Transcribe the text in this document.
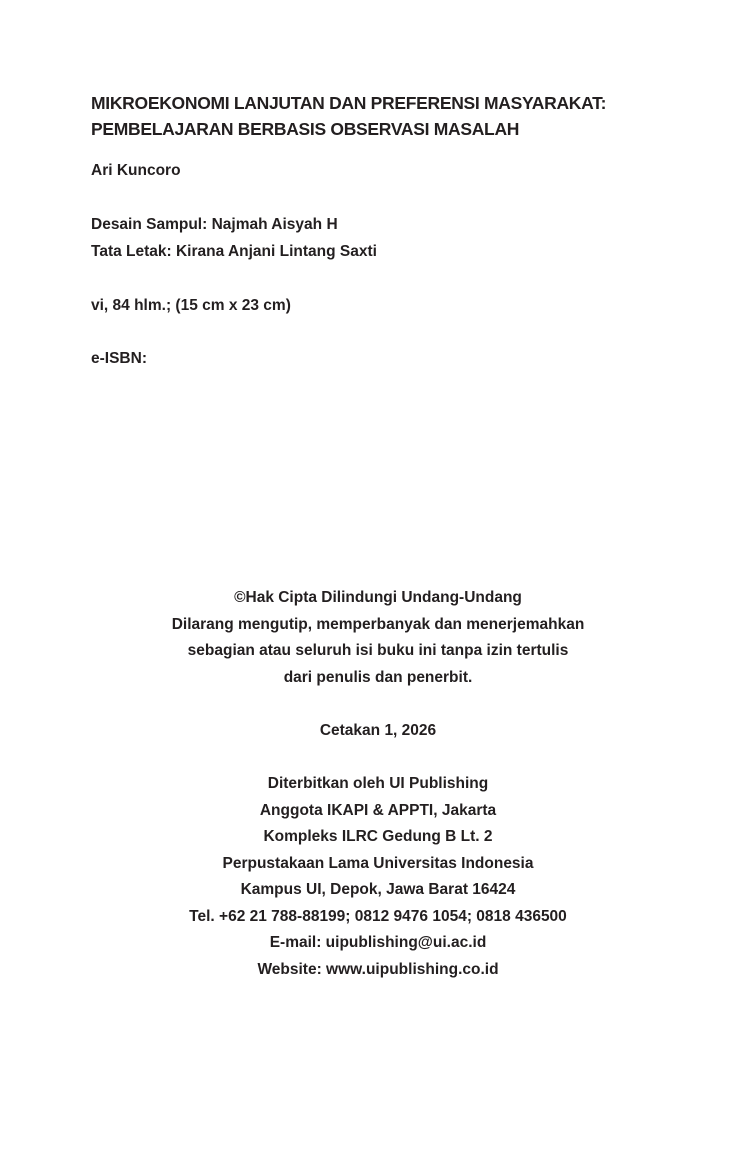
MIKROEKONOMI LANJUTAN DAN PREFERENSI MASYARAKAT:
PEMBELAJARAN BERBASIS OBSERVASI MASALAH
Ari Kuncoro
Desain Sampul: Najmah Aisyah H
Tata Letak: Kirana Anjani Lintang Saxti
vi, 84 hlm.; (15 cm x 23 cm)
e-ISBN:
©Hak Cipta Dilindungi Undang-Undang
Dilarang mengutip, memperbanyak dan menerjemahkan
sebagian atau seluruh isi buku ini tanpa izin tertulis
dari penulis dan penerbit.
Cetakan 1, 2026
Diterbitkan oleh UI Publishing
Anggota IKAPI & APPTI, Jakarta
Kompleks ILRC Gedung B Lt. 2
Perpustakaan Lama Universitas Indonesia
Kampus UI, Depok, Jawa Barat 16424
Tel. +62 21 788-88199; 0812 9476 1054; 0818 436500
E-mail: uipublishing@ui.ac.id
Website: www.uipublishing.co.id
